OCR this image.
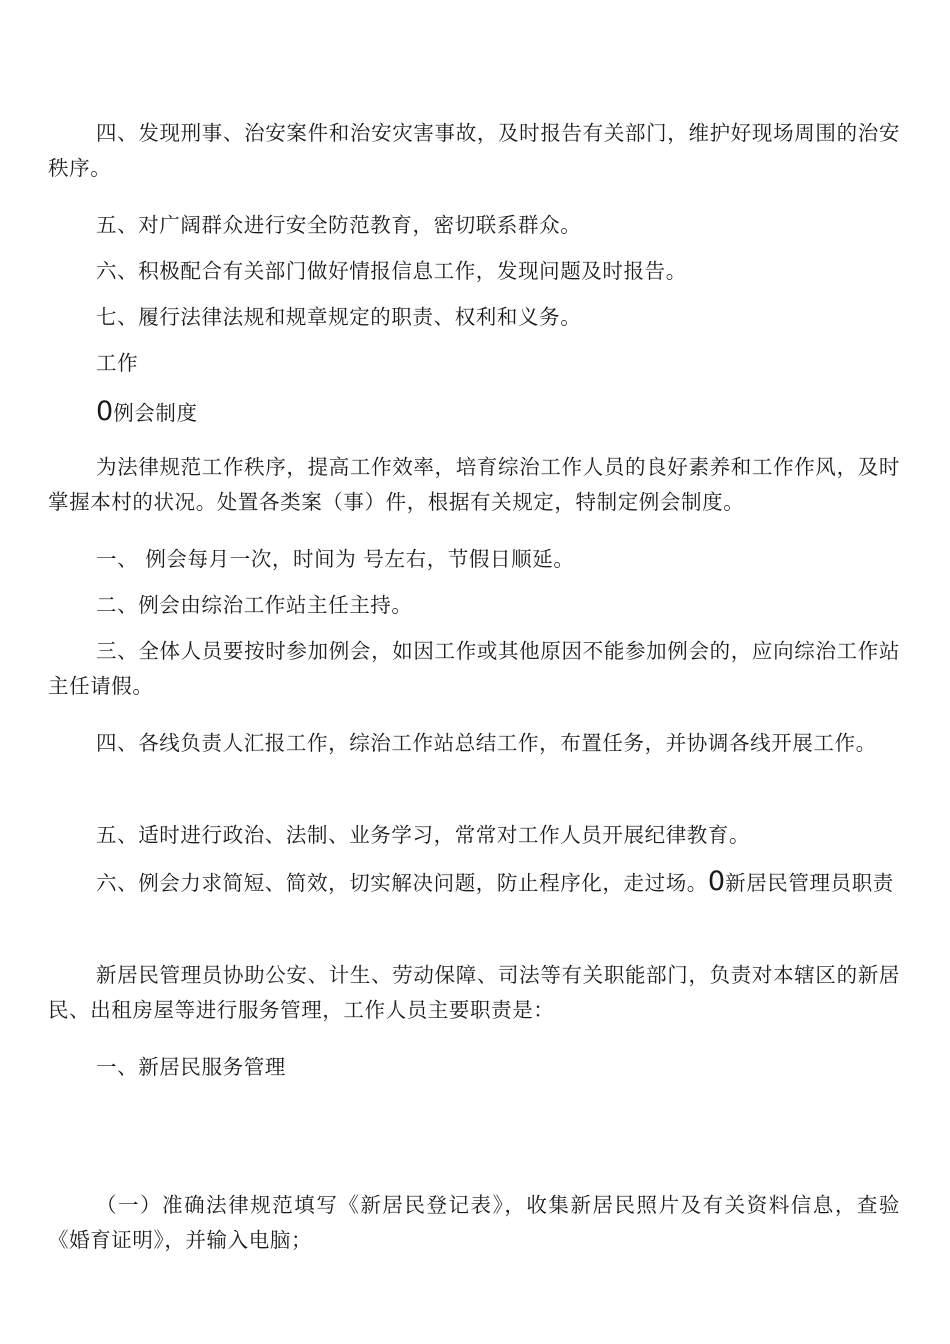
四、发现刑事、治安案件和治安灾害事故，及时报告有关部门，维护好现场周围的治安秩序。

五、对广阔群众进行安全防范教育，密切联系群众。

六、积极配合有关部门做好情报信息工作，发现问题及时报告。

七、履行法律法规和规章规定的职责、权利和义务。

工作

0例会制度

为法律规范工作秩序，提高工作效率，培育综治工作人员的良好素养和工作作风，及时掌握本村的状况。处置各类案（事）件，根据有关规定，特制定例会制度。

一、 例会每月一次，时间为 号左右，节假日顺延。

二、例会由综治工作站主任主持。

三、全体人员要按时参加例会，如因工作或其他原因不能参加例会的，应向综治工作站主任请假。

四、各线负责人汇报工作，综治工作站总结工作，布置任务，并协调各线开展工作。

五、适时进行政治、法制、业务学习，常常对工作人员开展纪律教育。

六、例会力求简短、简效，切实解决问题，防止程序化，走过场。0新居民管理员职责

新居民管理员协助公安、计生、劳动保障、司法等有关职能部门，负责对本辖区的新居民、出租房屋等进行服务管理，工作人员主要职责是：

一、新居民服务管理

（一）准确法律规范填写《新居民登记表》，收集新居民照片及有关资料信息，查验《婚育证明》，并输入电脑；
